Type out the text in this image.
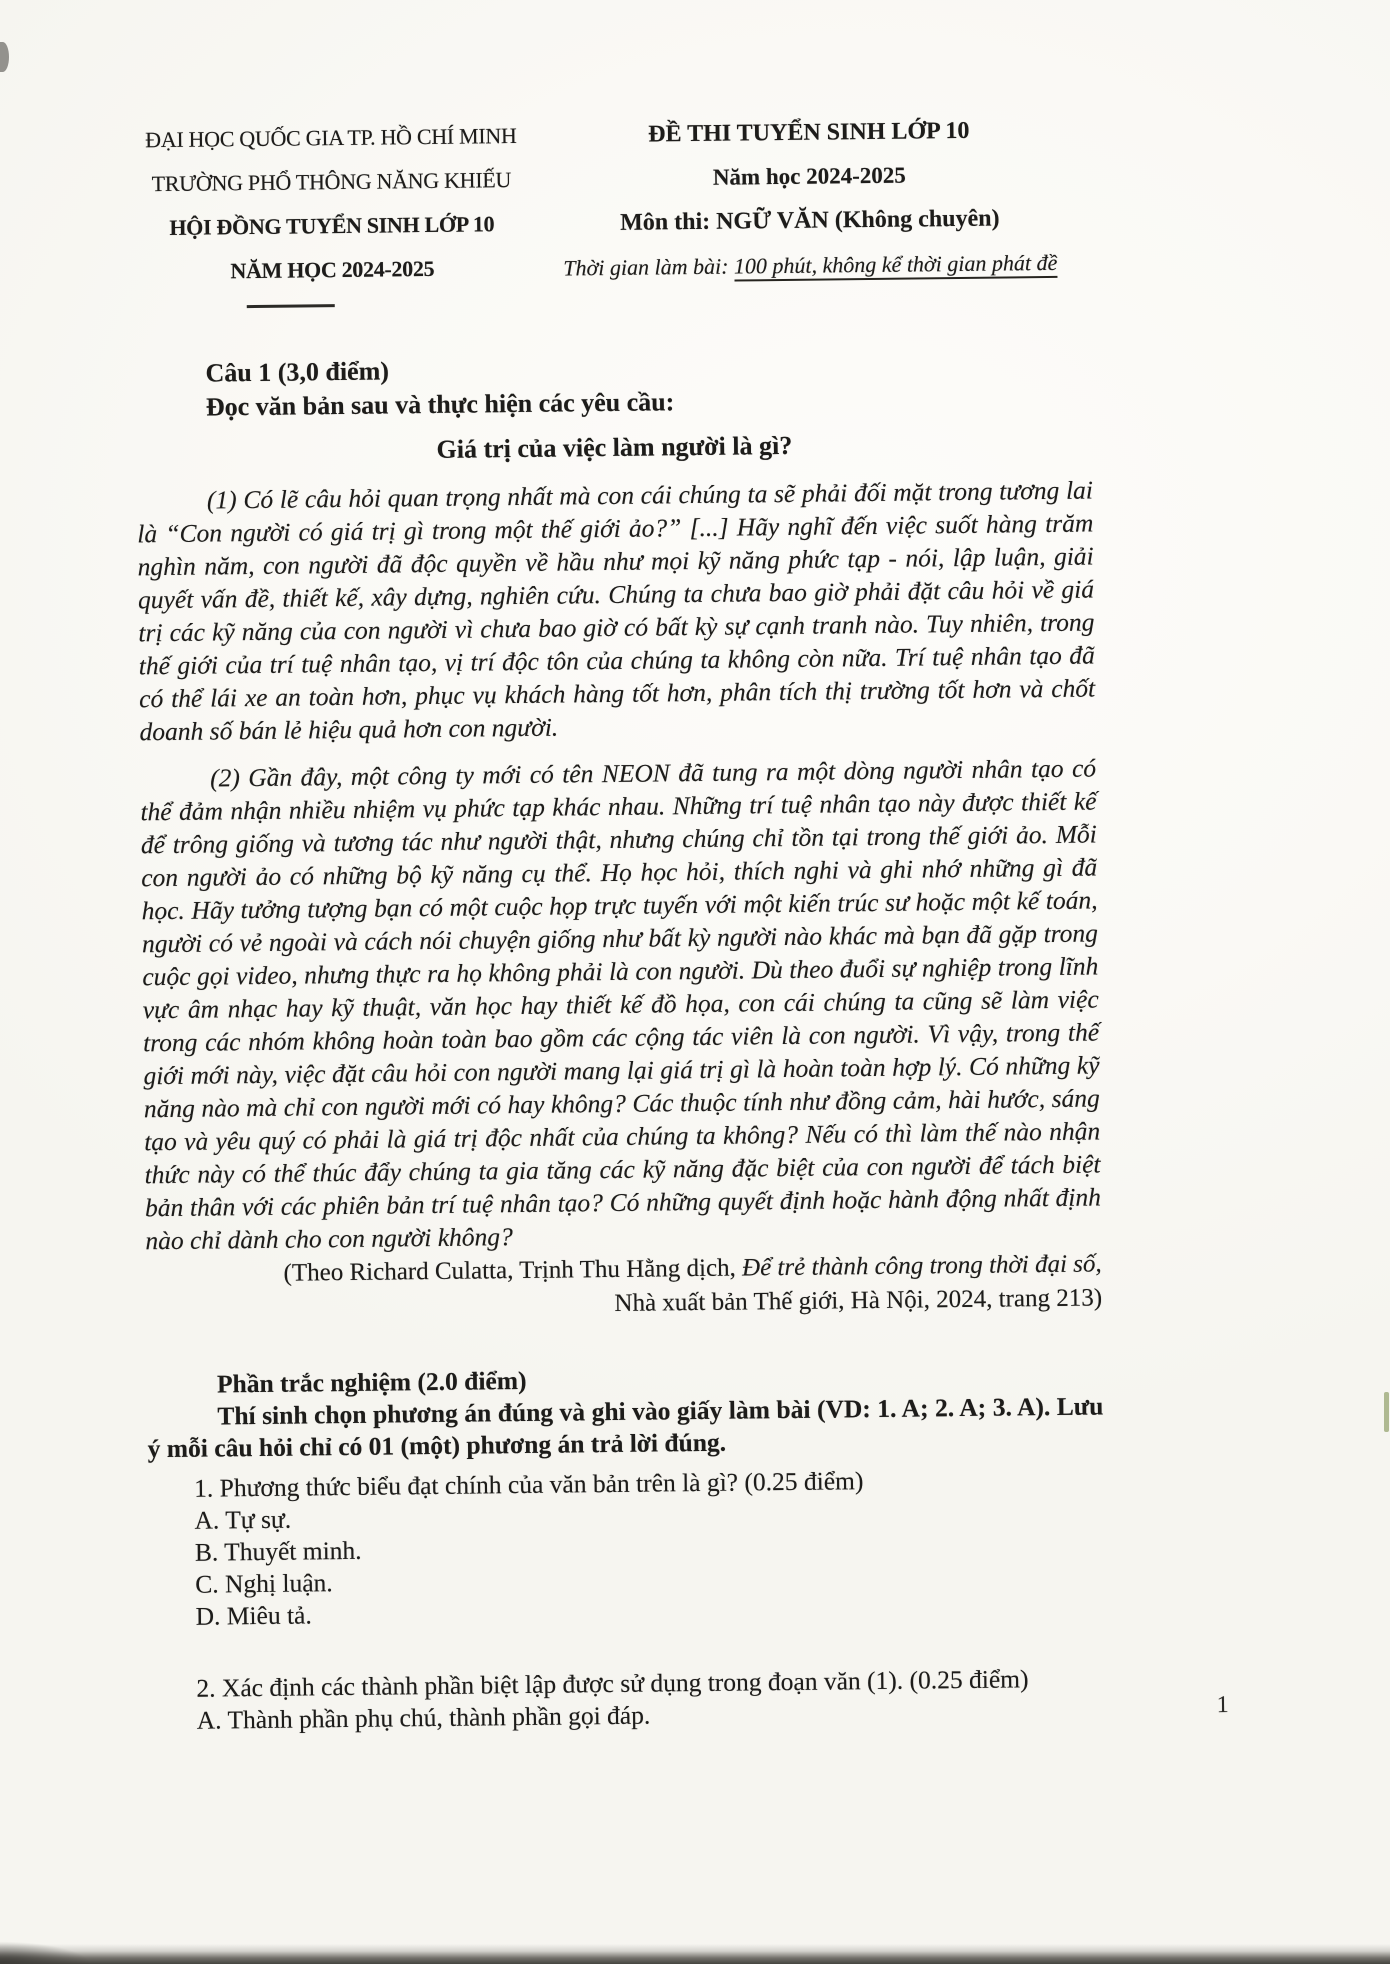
ĐẠI HỌC QUỐC GIA TP. HỒ CHÍ MINH
TRƯỜNG PHỔ THÔNG NĂNG KHIẾU
HỘI ĐỒNG TUYỂN SINH LỚP 10
NĂM HỌC 2024-2025
ĐỀ THI TUYỂN SINH LỚP 10
Năm học 2024-2025
Môn thi: NGỮ VĂN (Không chuyên)
Thời gian làm bài: 100 phút, không kể thời gian phát đề
Câu 1 (3,0 điểm)
Đọc văn bản sau và thực hiện các yêu cầu:
Giá trị của việc làm người là gì?
(1) Có lẽ câu hỏi quan trọng nhất mà con cái chúng ta sẽ phải đối mặt trong tương lai là “Con người có giá trị gì trong một thế giới ảo?” [...] Hãy nghĩ đến việc suốt hàng trăm nghìn năm, con người đã độc quyền về hầu như mọi kỹ năng phức tạp - nói, lập luận, giải quyết vấn đề, thiết kế, xây dựng, nghiên cứu. Chúng ta chưa bao giờ phải đặt câu hỏi về giá trị các kỹ năng của con người vì chưa bao giờ có bất kỳ sự cạnh tranh nào. Tuy nhiên, trong thế giới của trí tuệ nhân tạo, vị trí độc tôn của chúng ta không còn nữa. Trí tuệ nhân tạo đã có thể lái xe an toàn hơn, phục vụ khách hàng tốt hơn, phân tích thị trường tốt hơn và chốt doanh số bán lẻ hiệu quả hơn con người.
(2) Gần đây, một công ty mới có tên NEON đã tung ra một dòng người nhân tạo có thể đảm nhận nhiều nhiệm vụ phức tạp khác nhau. Những trí tuệ nhân tạo này được thiết kế để trông giống và tương tác như người thật, nhưng chúng chỉ tồn tại trong thế giới ảo. Mỗi con người ảo có những bộ kỹ năng cụ thể. Họ học hỏi, thích nghi và ghi nhớ những gì đã học. Hãy tưởng tượng bạn có một cuộc họp trực tuyến với một kiến trúc sư hoặc một kế toán, người có vẻ ngoài và cách nói chuyện giống như bất kỳ người nào khác mà bạn đã gặp trong cuộc gọi video, nhưng thực ra họ không phải là con người. Dù theo đuổi sự nghiệp trong lĩnh vực âm nhạc hay kỹ thuật, văn học hay thiết kế đồ họa, con cái chúng ta cũng sẽ làm việc trong các nhóm không hoàn toàn bao gồm các cộng tác viên là con người. Vì vậy, trong thế giới mới này, việc đặt câu hỏi con người mang lại giá trị gì là hoàn toàn hợp lý. Có những kỹ năng nào mà chỉ con người mới có hay không? Các thuộc tính như đồng cảm, hài hước, sáng tạo và yêu quý có phải là giá trị độc nhất của chúng ta không? Nếu có thì làm thế nào nhận thức này có thể thúc đẩy chúng ta gia tăng các kỹ năng đặc biệt của con người để tách biệt bản thân với các phiên bản trí tuệ nhân tạo? Có những quyết định hoặc hành động nhất định nào chỉ dành cho con người không?
(Theo Richard Culatta, Trịnh Thu Hằng dịch, Để trẻ thành công trong thời đại số,
Nhà xuất bản Thế giới, Hà Nội, 2024, trang 213)
Phần trắc nghiệm (2.0 điểm)
Thí sinh chọn phương án đúng và ghi vào giấy làm bài (VD: 1. A; 2. A; 3. A). Lưu ý mỗi câu hỏi chỉ có 01 (một) phương án trả lời đúng.
1. Phương thức biểu đạt chính của văn bản trên là gì? (0.25 điểm)
A. Tự sự.
B. Thuyết minh.
C. Nghị luận.
D. Miêu tả.
2. Xác định các thành phần biệt lập được sử dụng trong đoạn văn (1). (0.25 điểm)
A. Thành phần phụ chú, thành phần gọi đáp.	1
